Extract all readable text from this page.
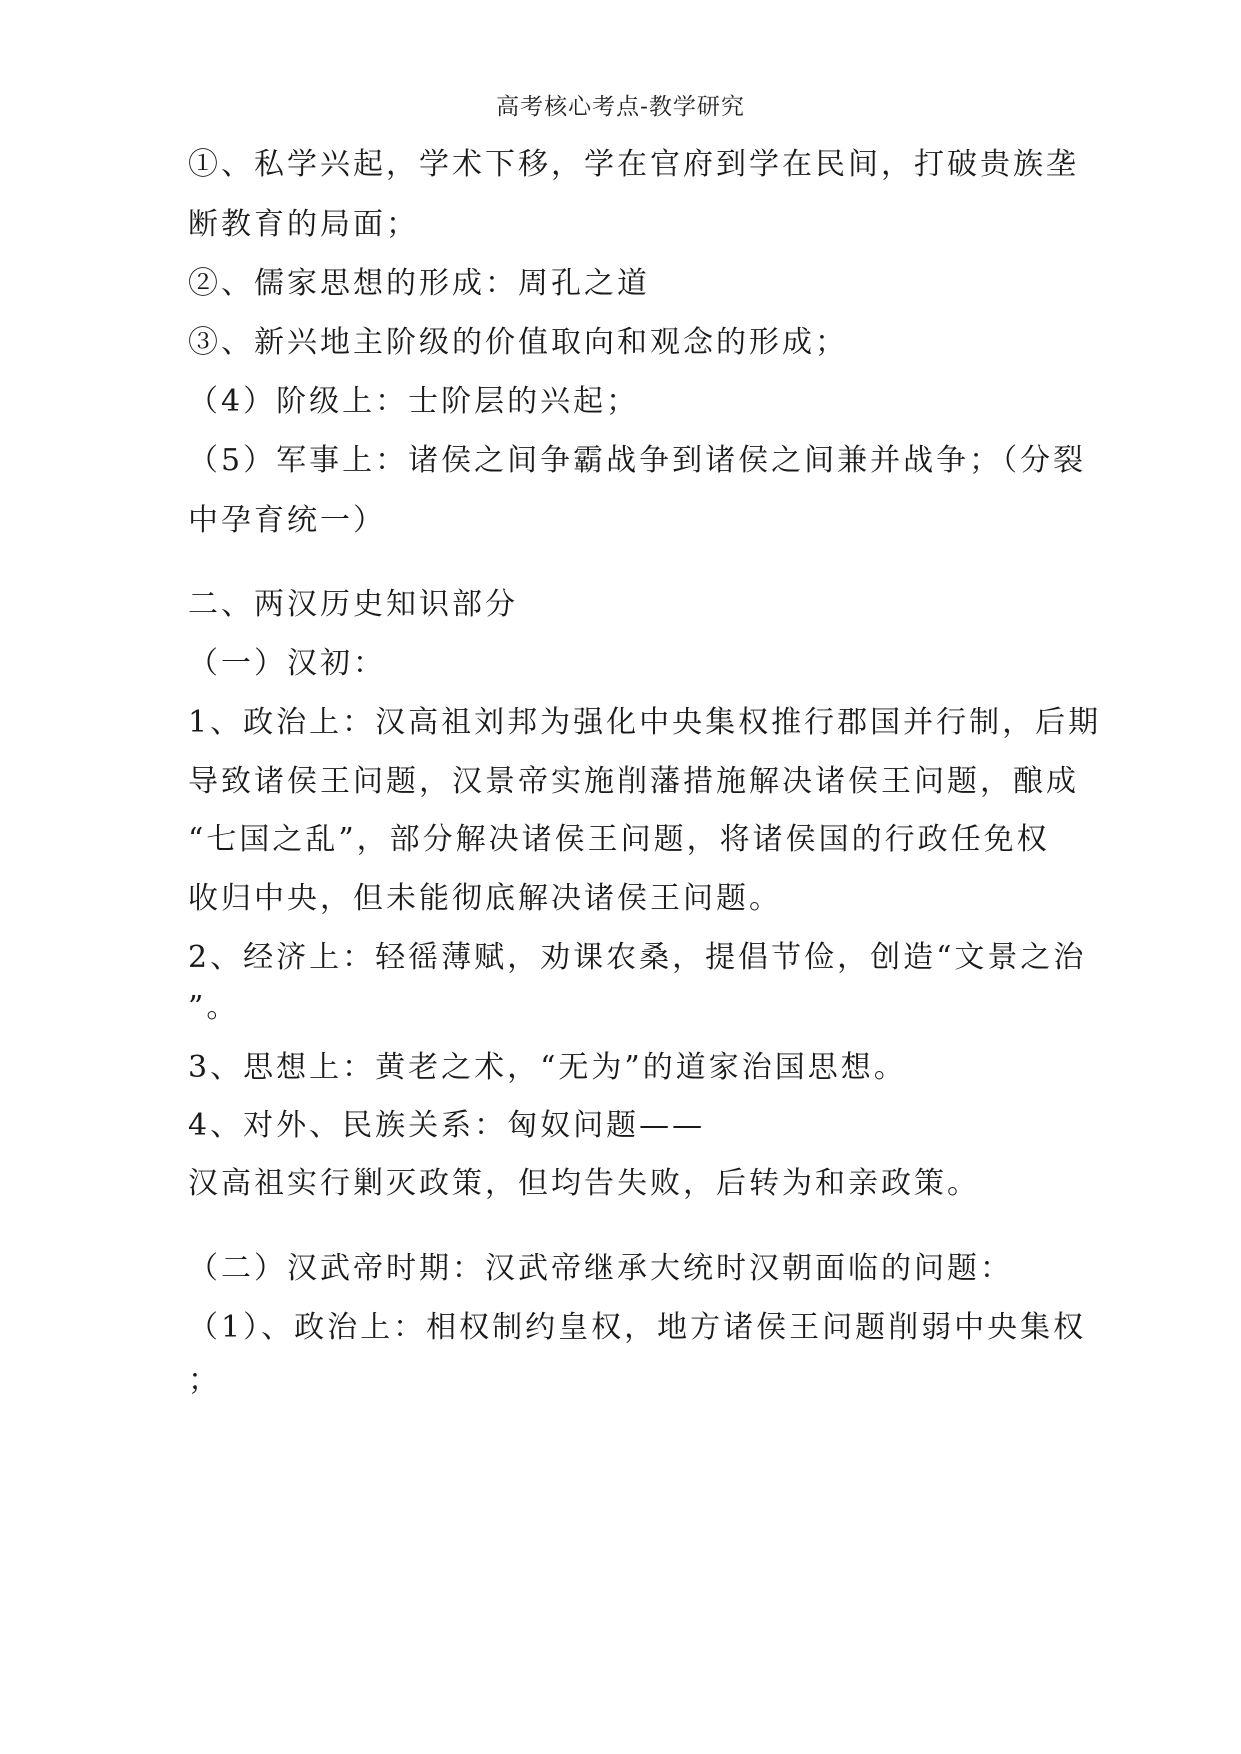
高考核心考点-教学研究
①、私学兴起，学术下移，学在官府到学在民间，打破贵族垄
断教育的局面；
②、儒家思想的形成：周孔之道
③、新兴地主阶级的价值取向和观念的形成；
（4）阶级上：士阶层的兴起；
（5）军事上：诸侯之间争霸战争到诸侯之间兼并战争；（分裂
中孕育统一）
二、两汉历史知识部分
（一）汉初：
1、政治上：汉高祖刘邦为强化中央集权推行郡国并行制，后期
导致诸侯王问题，汉景帝实施削藩措施解决诸侯王问题，酿成
“七国之乱”，部分解决诸侯王问题，将诸侯国的行政任免权
收归中央，但未能彻底解决诸侯王问题。
2、经济上：轻徭薄赋，劝课农桑，提倡节俭，创造“文景之治
”。
3、思想上：黄老之术，“无为”的道家治国思想。
4、对外、民族关系：匈奴问题——
汉高祖实行剿灭政策，但均告失败，后转为和亲政策。
（二）汉武帝时期：汉武帝继承大统时汉朝面临的问题：
（1）、政治上：相权制约皇权，地方诸侯王问题削弱中央集权
；
